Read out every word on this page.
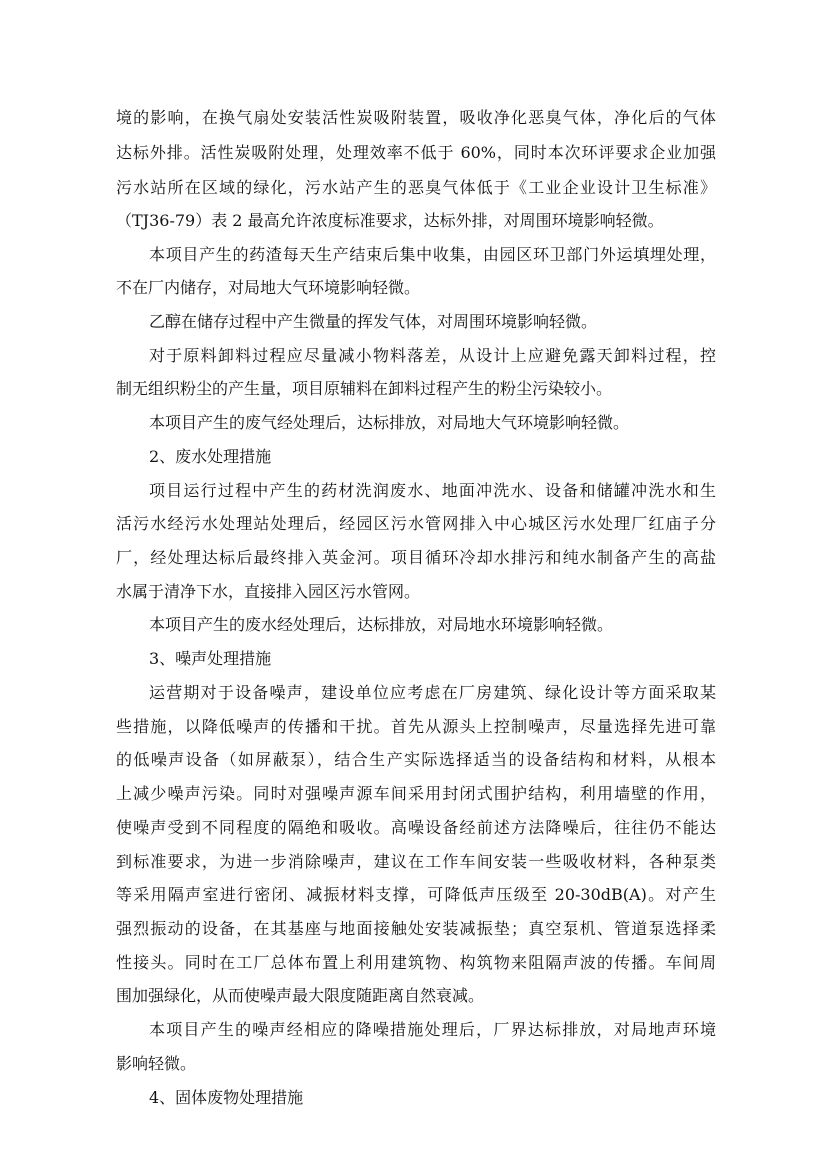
境的影响，在换气扇处安装活性炭吸附装置，吸收净化恶臭气体，净化后的气体
达标外排。活性炭吸附处理，处理效率不低于 60%，同时本次环评要求企业加强
污水站所在区域的绿化，污水站产生的恶臭气体低于《工业企业设计卫生标准》
（TJ36-79）表 2 最高允许浓度标准要求，达标外排，对周围环境影响轻微。
本项目产生的药渣每天生产结束后集中收集，由园区环卫部门外运填埋处理，
不在厂内储存，对局地大气环境影响轻微。
乙醇在储存过程中产生微量的挥发气体，对周围环境影响轻微。
对于原料卸料过程应尽量减小物料落差，从设计上应避免露天卸料过程，控
制无组织粉尘的产生量，项目原辅料在卸料过程产生的粉尘污染较小。
本项目产生的废气经处理后，达标排放，对局地大气环境影响轻微。
2、废水处理措施
项目运行过程中产生的药材洗润废水、地面冲洗水、设备和储罐冲洗水和生
活污水经污水处理站处理后，经园区污水管网排入中心城区污水处理厂红庙子分
厂，经处理达标后最终排入英金河。项目循环冷却水排污和纯水制备产生的高盐
水属于清净下水，直接排入园区污水管网。
本项目产生的废水经处理后，达标排放，对局地水环境影响轻微。
3、噪声处理措施
运营期对于设备噪声，建设单位应考虑在厂房建筑、绿化设计等方面采取某
些措施，以降低噪声的传播和干扰。首先从源头上控制噪声，尽量选择先进可靠
的低噪声设备（如屏蔽泵），结合生产实际选择适当的设备结构和材料，从根本
上减少噪声污染。同时对强噪声源车间采用封闭式围护结构，利用墙壁的作用，
使噪声受到不同程度的隔绝和吸收。高噪设备经前述方法降噪后，往往仍不能达
到标准要求，为进一步消除噪声，建议在工作车间安装一些吸收材料，各种泵类
等采用隔声室进行密闭、减振材料支撑，可降低声压级至 20-30dB(A)。对产生
强烈振动的设备，在其基座与地面接触处安装减振垫；真空泵机、管道泵选择柔
性接头。同时在工厂总体布置上利用建筑物、构筑物来阻隔声波的传播。车间周
围加强绿化，从而使噪声最大限度随距离自然衰减。
本项目产生的噪声经相应的降噪措施处理后，厂界达标排放，对局地声环境
影响轻微。
4、固体废物处理措施
